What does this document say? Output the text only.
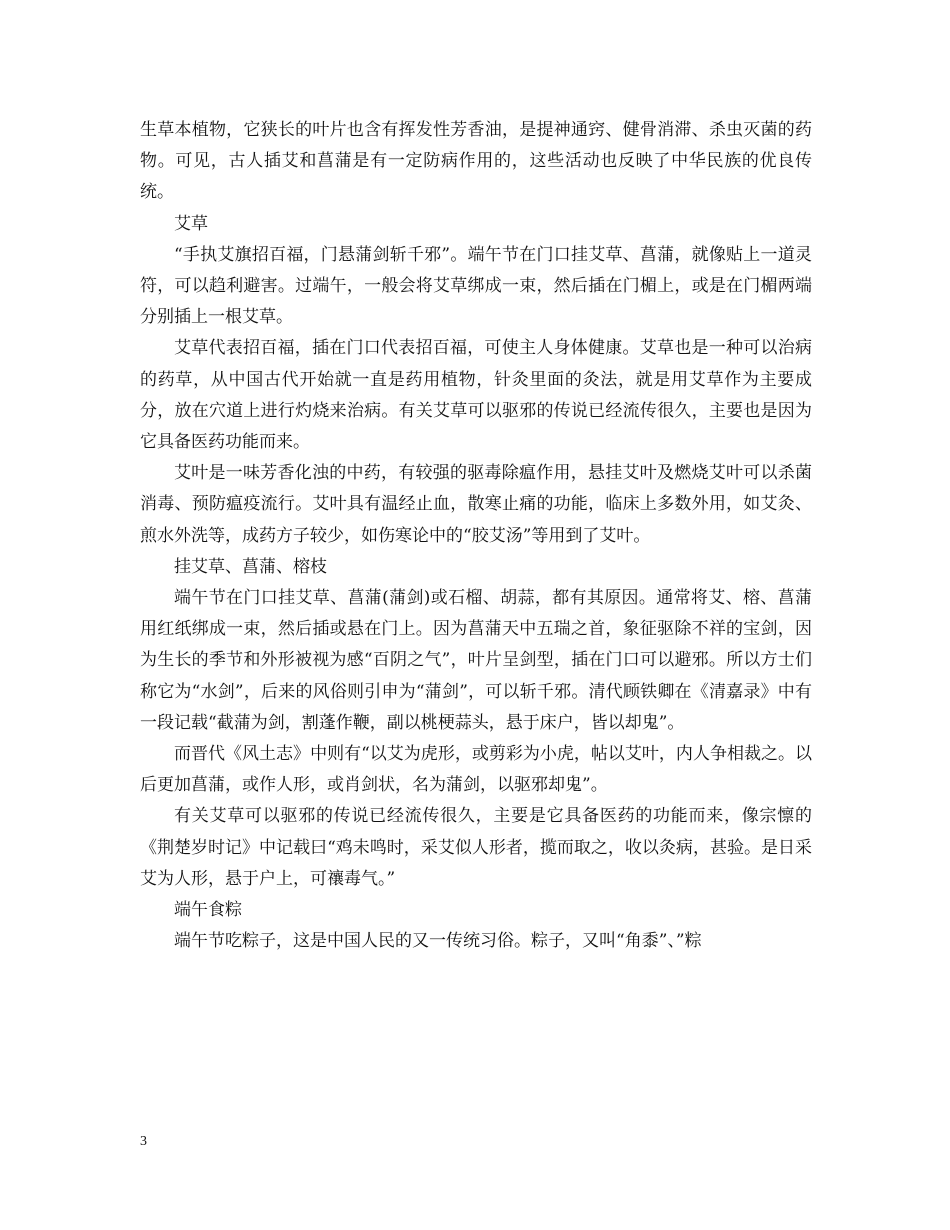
生草本植物，它狭长的叶片也含有挥发性芳香油，是提神通窍、健骨消滞、杀虫灭菌的药物。可见，古人插艾和菖蒲是有一定防病作用的，这些活动也反映了中华民族的优良传统。

艾草

“手执艾旗招百福，门悬蒲剑斩千邪”。端午节在门口挂艾草、菖蒲，就像贴上一道灵符，可以趋利避害。过端午，一般会将艾草绑成一束，然后插在门楣上，或是在门楣两端分别插上一根艾草。

艾草代表招百福，插在门口代表招百福，可使主人身体健康。艾草也是一种可以治病的药草，从中国古代开始就一直是药用植物，针灸里面的灸法，就是用艾草作为主要成分，放在穴道上进行灼烧来治病。有关艾草可以驱邪的传说已经流传很久，主要也是因为它具备医药功能而来。

艾叶是一味芳香化浊的中药，有较强的驱毒除瘟作用，悬挂艾叶及燃烧艾叶可以杀菌消毒、预防瘟疫流行。艾叶具有温经止血，散寒止痛的功能，临床上多数外用，如艾灸、煎水外洗等，成药方子较少，如伤寒论中的“胶艾汤”等用到了艾叶。

挂艾草、菖蒲、榕枝

端午节在门口挂艾草、菖蒲(蒲剑)或石榴、胡蒜，都有其原因。通常将艾、榕、菖蒲用红纸绑成一束，然后插或悬在门上。因为菖蒲天中五瑞之首，象征驱除不祥的宝剑，因为生长的季节和外形被视为感“百阴之气”，叶片呈剑型，插在门口可以避邪。所以方士们称它为“水剑”，后来的风俗则引申为“蒲剑”，可以斩千邪。清代顾铁卿在《清嘉录》中有一段记载“截蒲为剑，割蓬作鞭，副以桃梗蒜头，悬于床户，皆以却鬼”。

而晋代《风土志》中则有“以艾为虎形，或剪彩为小虎，帖以艾叶，内人争相裁之。以后更加菖蒲，或作人形，或肖剑状，名为蒲剑，以驱邪却鬼”。

有关艾草可以驱邪的传说已经流传很久，主要是它具备医药的功能而来，像宗懔的《荆楚岁时记》中记载曰“鸡未鸣时，采艾似人形者，揽而取之，收以灸病，甚验。是日采艾为人形，悬于户上，可禳毒气。”

端午食粽

端午节吃粽子，这是中国人民的又一传统习俗。粽子，又叫“角黍”、”粽

3
